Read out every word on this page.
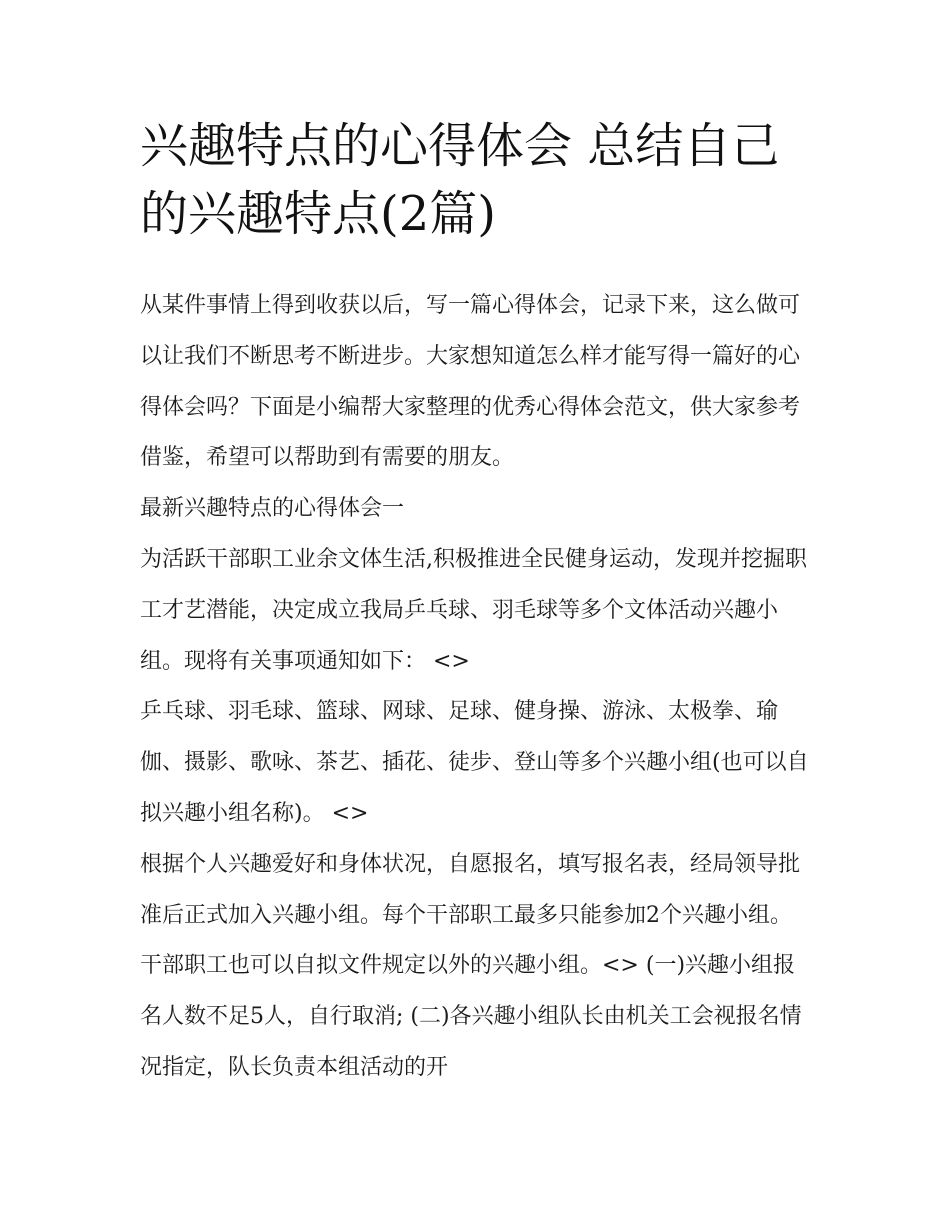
兴趣特点的心得体会 总结自己的兴趣特点(2篇)

从某件事情上得到收获以后，写一篇心得体会，记录下来，这么做可以让我们不断思考不断进步。大家想知道怎么样才能写得一篇好的心得体会吗？下面是小编帮大家整理的优秀心得体会范文，供大家参考借鉴，希望可以帮助到有需要的朋友。

最新兴趣特点的心得体会一

为活跃干部职工业余文体生活,积极推进全民健身运动，发现并挖掘职工才艺潜能，决定成立我局乒乓球、羽毛球等多个文体活动兴趣小组。现将有关事项通知如下： <>

乒乓球、羽毛球、篮球、网球、足球、健身操、游泳、太极拳、瑜伽、摄影、歌咏、茶艺、插花、徒步、登山等多个兴趣小组(也可以自拟兴趣小组名称)。 <>

根据个人兴趣爱好和身体状况，自愿报名，填写报名表，经局领导批准后正式加入兴趣小组。每个干部职工最多只能参加2个兴趣小组。干部职工也可以自拟文件规定以外的兴趣小组。<> (一)兴趣小组报名人数不足5人，自行取消; (二)各兴趣小组队长由机关工会视报名情况指定，队长负责本组活动的开
